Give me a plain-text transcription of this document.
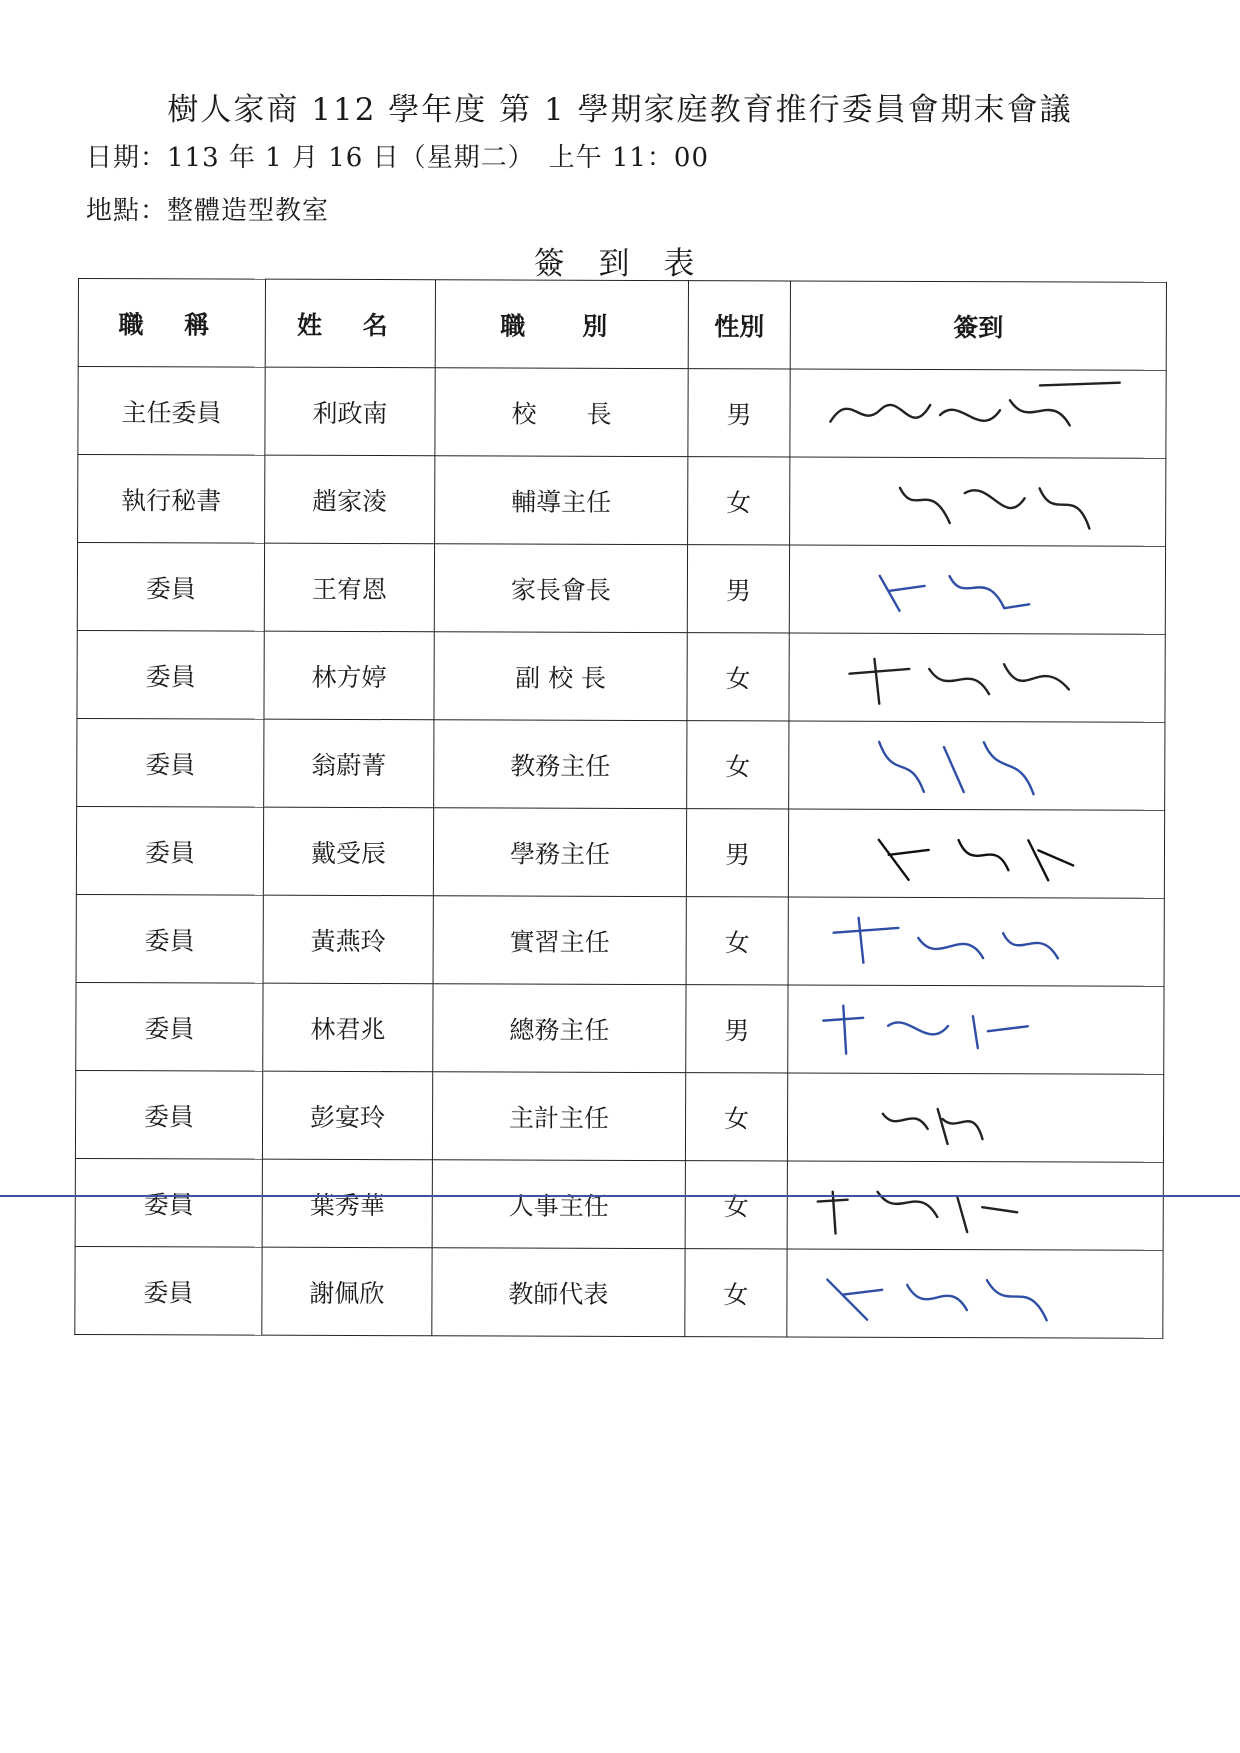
樹人家商 112 學年度 第 1 學期家庭教育推行委員會期末會議
日期：113 年 1 月 16 日（星期二）　上午 11：00
地點：整體造型教室
簽 到 表
職 稱	姓 名	職　別	性別	簽到
主任委員	利政南	校　　長	男	

執行秘書	趙家淩	輔導主任	女	

委員	王宥恩	家長會長	男	

委員	林方婷	副 校 長	女	

委員	翁蔚菁	教務主任	女	

委員	戴受辰	學務主任	男	

委員	黃燕玲	實習主任	女	

委員	林君兆	總務主任	男	

委員	彭宴玲	主計主任	女	

委員	葉秀華	人事主任	女	

委員	謝佩欣	教師代表	女	
